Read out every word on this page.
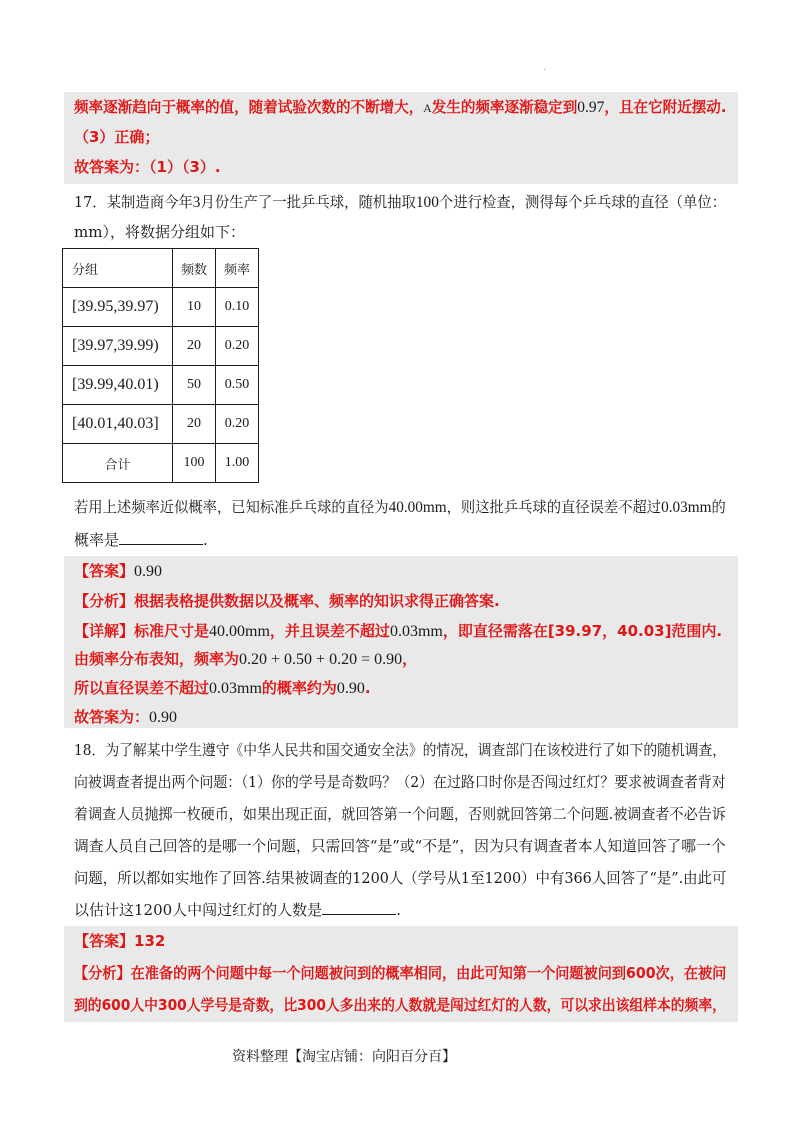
.
频率逐渐趋向于概率的值，随着试验次数的不断增大，A发生的频率逐渐稳定到0.97，且在它附近摆动.
（3）正确；
故答案为：（1）（3）.
17．某制造商今年3月份生产了一批乒乓球，随机抽取100个进行检查，测得每个乒乓球的直径（单位：
mm），将数据分组如下：
分组	频数	频率
[39.95,39.97)	10	0.10
[39.97,39.99)	20	0.20
[39.99,40.01)	50	0.50
[40.01,40.03]	20	0.20
合计	100	1.00
若用上述频率近似概率，已知标准乒乓球的直径为40.00mm，则这批乒乓球的直径误差不超过0.03mm的
概率是	.
【答案】0.90
【分析】根据表格提供数据以及概率、频率的知识求得正确答案.
【详解】标准尺寸是40.00mm，并且误差不超过0.03mm，即直径需落在[39.97，40.03]范围内.
由频率分布表知，频率为0.20 + 0.50 + 0.20 = 0.90，
所以直径误差不超过0.03mm的概率约为0.90.
故答案为：0.90
18．为了解某中学生遵守《中华人民共和国交通安全法》的情况，调查部门在该校进行了如下的随机调查，
向被调查者提出两个问题：（1）你的学号是奇数吗？（2）在过路口时你是否闯过红灯？要求被调查者背对
着调查人员抛掷一枚硬币，如果出现正面，就回答第一个问题，否则就回答第二个问题.被调查者不必告诉
调查人员自己回答的是哪一个问题，只需回答“是”或“不是”，因为只有调查者本人知道回答了哪一个
问题，所以都如实地作了回答.结果被调查的1200人（学号从1至1200）中有366人回答了“是”.由此可
以估计这1200人中闯过红灯的人数是	.
【答案】132
【分析】在准备的两个问题中每一个问题被问到的概率相同，由此可知第一个问题被问到600次，在被问
到的600人中300人学号是奇数，比300人多出来的人数就是闯过红灯的人数，可以求出该组样本的频率，
资料整理【淘宝店铺：向阳百分百】
